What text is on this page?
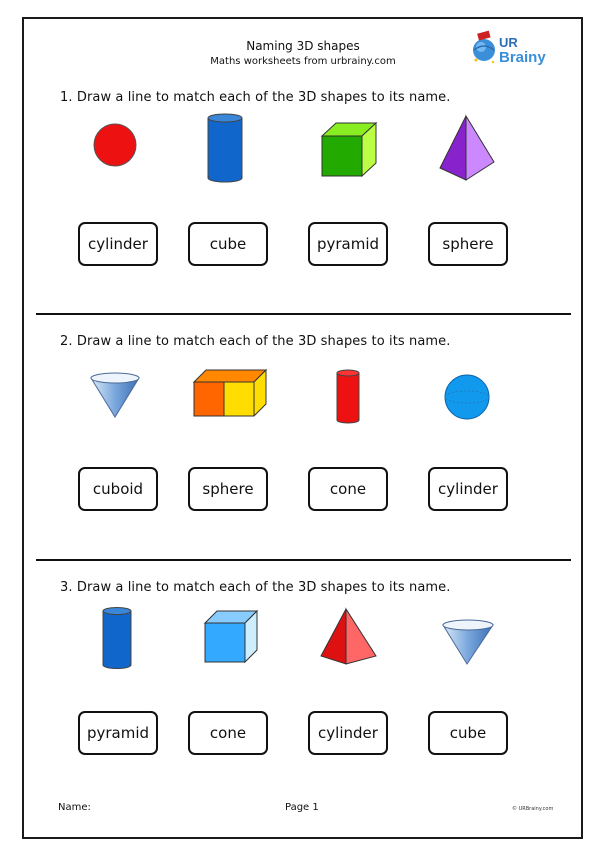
Naming 3D shapes
Maths worksheets from urbrainy.com
UR
Brainy
1. Draw a line to match each of the 3D shapes to its name.
cylinder	cube	pyramid	sphere
2. Draw a line to match each of the 3D shapes to its name.
cuboid	sphere	cone	cylinder
3. Draw a line to match each of the 3D shapes to its name.
pyramid	cone	cylinder	cube
Name:	Page 1	© URBrainy.com
